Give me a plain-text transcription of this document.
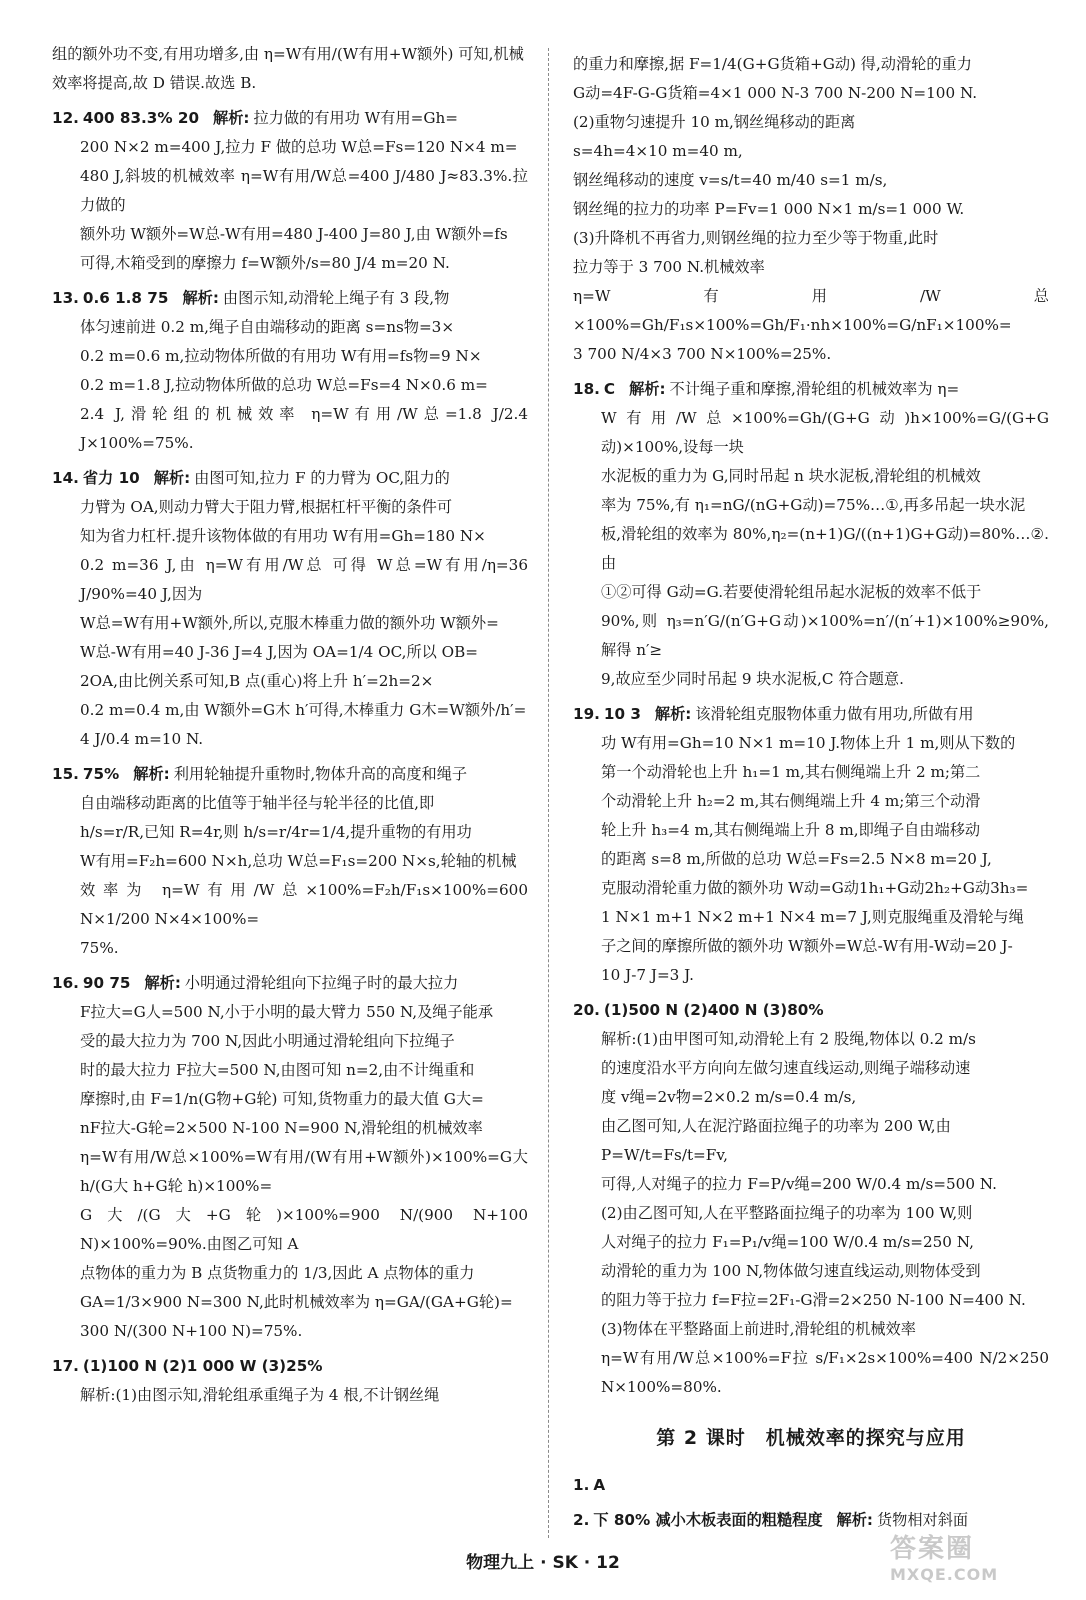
组的额外功不变,有用功增多,由 η=W有用/(W有用+W额外) 可知,机械
效率将提高,故 D 错误.故选 B.
12. 400 83.3% 20 解析: 拉力做的有用功 W有用=Gh=
200 N×2 m=400 J,拉力 F 做的总功 W总=Fs=120 N×4 m=
480 J,斜坡的机械效率 η=W有用/W总=400 J/480 J≈83.3%.拉力做的
额外功 W额外=W总-W有用=480 J-400 J=80 J,由 W额外=fs
可得,木箱受到的摩擦力 f=W额外/s=80 J/4 m=20 N.
13. 0.6 1.8 75 解析: 由图示知,动滑轮上绳子有 3 段,物
体匀速前进 0.2 m,绳子自由端移动的距离 s=ns物=3×
0.2 m=0.6 m,拉动物体所做的有用功 W有用=fs物=9 N×
0.2 m=1.8 J,拉动物体所做的总功 W总=Fs=4 N×0.6 m=
2.4 J,滑轮组的机械效率 η=W有用/W总=1.8 J/2.4 J×100%=75%.
14. 省力 10 解析: 由图可知,拉力 F 的力臂为 OC,阻力的
力臂为 OA,则动力臂大于阻力臂,根据杠杆平衡的条件可
知为省力杠杆.提升该物体做的有用功 W有用=Gh=180 N×
0.2 m=36 J,由 η=W有用/W总 可得 W总=W有用/η=36 J/90%=40 J,因为
W总=W有用+W额外,所以,克服木棒重力做的额外功 W额外=
W总-W有用=40 J-36 J=4 J,因为 OA=1/4 OC,所以 OB=
2OA,由比例关系可知,B 点(重心)将上升 h′=2h=2×
0.2 m=0.4 m,由 W额外=G木 h′可得,木棒重力 G木=W额外/h′=
4 J/0.4 m=10 N.
15. 75% 解析: 利用轮轴提升重物时,物体升高的高度和绳子
自由端移动距离的比值等于轴半径与轮半径的比值,即
h/s=r/R,已知 R=4r,则 h/s=r/4r=1/4,提升重物的有用功
W有用=F₂h=600 N×h,总功 W总=F₁s=200 N×s,轮轴的机械
效率为 η=W有用/W总×100%=F₂h/F₁s×100%=600 N×1/200 N×4×100%=
75%.
16. 90 75 解析: 小明通过滑轮组向下拉绳子时的最大拉力
F拉大=G人=500 N,小于小明的最大臂力 550 N,及绳子能承
受的最大拉力为 700 N,因此小明通过滑轮组向下拉绳子
时的最大拉力 F拉大=500 N,由图可知 n=2,由不计绳重和
摩擦时,由 F=1/n(G物+G轮) 可知,货物重力的最大值 G大=
nF拉大-G轮=2×500 N-100 N=900 N,滑轮组的机械效率
η=W有用/W总×100%=W有用/(W有用+W额外)×100%=G大 h/(G大 h+G轮 h)×100%=
G大/(G大+G轮)×100%=900 N/(900 N+100 N)×100%=90%.由图乙可知 A
点物体的重力为 B 点货物重力的 1/3,因此 A 点物体的重力
GA=1/3×900 N=300 N,此时机械效率为 η=GA/(GA+G轮)=
300 N/(300 N+100 N)=75%.
17. (1)100 N (2)1 000 W (3)25%
解析:(1)由图示知,滑轮组承重绳子为 4 根,不计钢丝绳
的重力和摩擦,据 F=1/4(G+G货箱+G动) 得,动滑轮的重力
G动=4F-G-G货箱=4×1 000 N-3 700 N-200 N=100 N.
(2)重物匀速提升 10 m,钢丝绳移动的距离
s=4h=4×10 m=40 m,
钢丝绳移动的速度 v=s/t=40 m/40 s=1 m/s,
钢丝绳的拉力的功率 P=Fv=1 000 N×1 m/s=1 000 W.
(3)升降机不再省力,则钢丝绳的拉力至少等于物重,此时
拉力等于 3 700 N.机械效率
η=W有用/W总×100%=Gh/F₁s×100%=Gh/F₁·nh×100%=G/nF₁×100%=
3 700 N/4×3 700 N×100%=25%.
18. C 解析: 不计绳子重和摩擦,滑轮组的机械效率为 η=
W有用/W总×100%=Gh/(G+G动)h×100%=G/(G+G动)×100%,设每一块
水泥板的重力为 G,同时吊起 n 块水泥板,滑轮组的机械效
率为 75%,有 η₁=nG/(nG+G动)=75%…①,再多吊起一块水泥
板,滑轮组的效率为 80%,η₂=(n+1)G/((n+1)G+G动)=80%…②.由
①②可得 G动=G.若要使滑轮组吊起水泥板的效率不低于
90%,则 η₃=n′G/(n′G+G动)×100%=n′/(n′+1)×100%≥90%,解得 n′≥
9,故应至少同时吊起 9 块水泥板,C 符合题意.
19. 10 3 解析: 该滑轮组克服物体重力做有用功,所做有用
功 W有用=Gh=10 N×1 m=10 J.物体上升 1 m,则从下数的
第一个动滑轮也上升 h₁=1 m,其右侧绳端上升 2 m;第二
个动滑轮上升 h₂=2 m,其右侧绳端上升 4 m;第三个动滑
轮上升 h₃=4 m,其右侧绳端上升 8 m,即绳子自由端移动
的距离 s=8 m,所做的总功 W总=Fs=2.5 N×8 m=20 J,
克服动滑轮重力做的额外功 W动=G动1h₁+G动2h₂+G动3h₃=
1 N×1 m+1 N×2 m+1 N×4 m=7 J,则克服绳重及滑轮与绳
子之间的摩擦所做的额外功 W额外=W总-W有用-W动=20 J-
10 J-7 J=3 J.
20. (1)500 N (2)400 N (3)80%
解析:(1)由甲图可知,动滑轮上有 2 股绳,物体以 0.2 m/s
的速度沿水平方向向左做匀速直线运动,则绳子端移动速
度 v绳=2v物=2×0.2 m/s=0.4 m/s,
由乙图可知,人在泥泞路面拉绳子的功率为 200 W,由
P=W/t=Fs/t=Fv,
可得,人对绳子的拉力 F=P/v绳=200 W/0.4 m/s=500 N.
(2)由乙图可知,人在平整路面拉绳子的功率为 100 W,则
人对绳子的拉力 F₁=P₁/v绳=100 W/0.4 m/s=250 N,
动滑轮的重力为 100 N,物体做匀速直线运动,则物体受到
的阻力等于拉力 f=F拉=2F₁-G滑=2×250 N-100 N=400 N.
(3)物体在平整路面上前进时,滑轮组的机械效率
η=W有用/W总×100%=F拉 s/F₁×2s×100%=400 N/2×250 N×100%=80%.
第 2 课时　机械效率的探究与应用
1. A
2. 下 80% 减小木板表面的粗糙程度 解析: 货物相对斜面
物理九上 · SK · 12	答案圈
MXQE.COM
